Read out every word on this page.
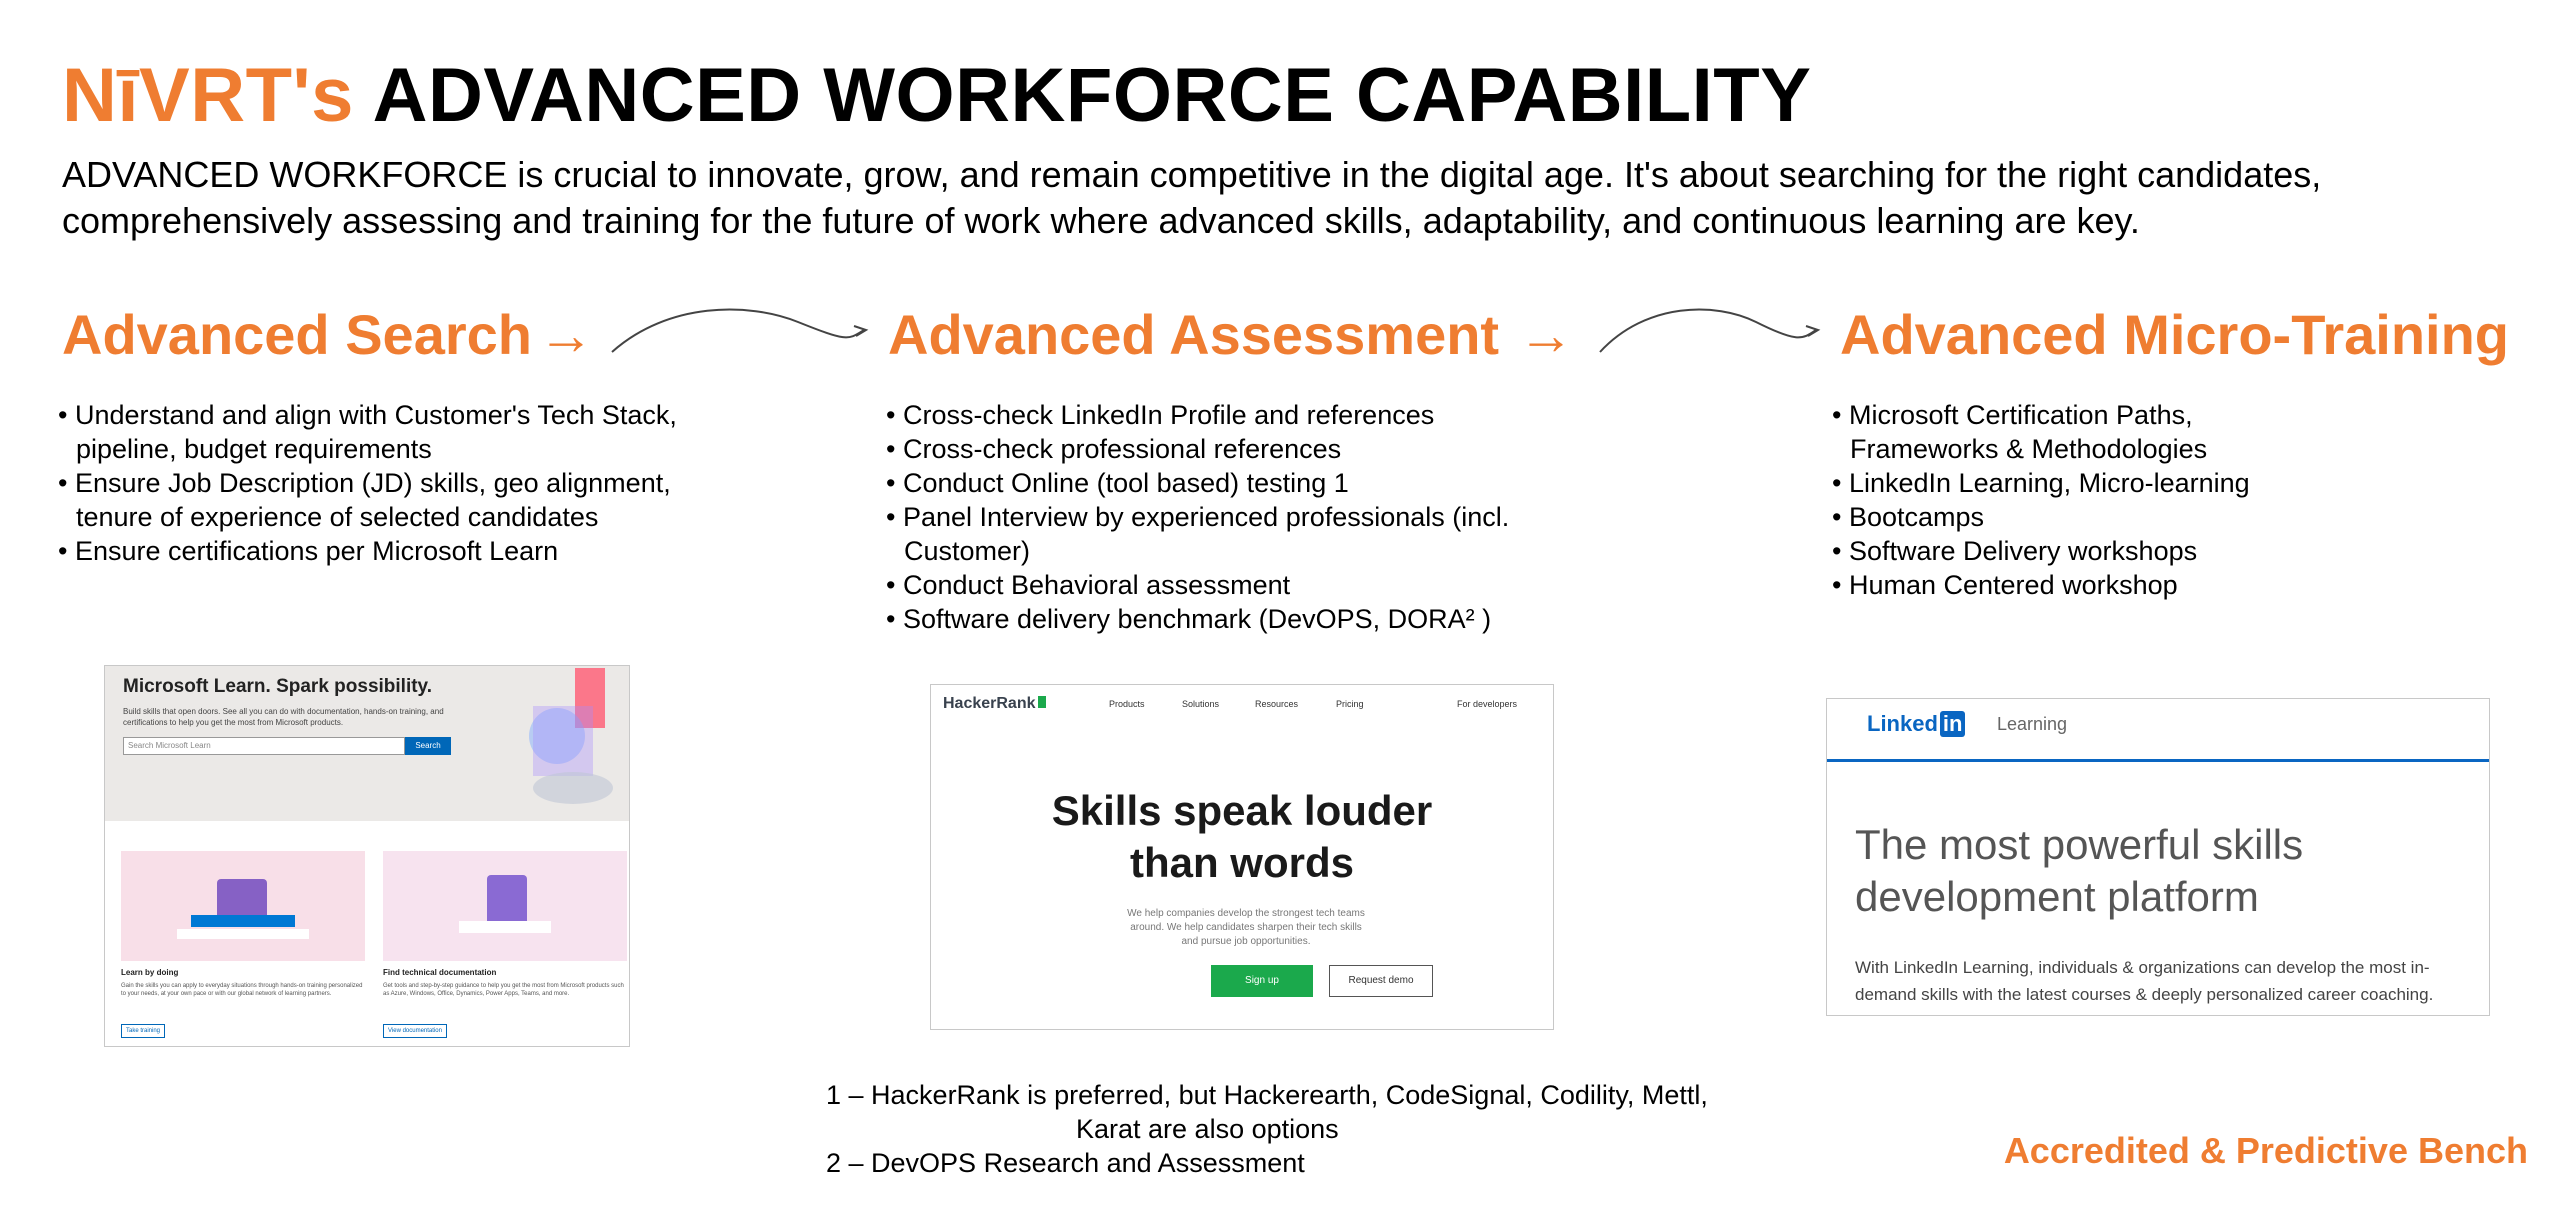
NīVRT's ADVANCED WORKFORCE CAPABILITY
ADVANCED WORKFORCE is crucial to innovate, grow, and remain competitive in the digital age. It's about searching for the right candidates, comprehensively assessing and training for the future of work where advanced skills, adaptability, and continuous learning are key.
Advanced Search →	Advanced Assessment →	Advanced Micro-Training
• Understand and align with Customer's Tech Stack, pipeline, budget requirements
• Ensure Job Description (JD) skills, geo alignment, tenure of experience of selected candidates
• Ensure certifications per Microsoft Learn
• Cross-check LinkedIn Profile and references
• Cross-check professional references
• Conduct Online (tool based) testing 1
• Panel Interview by experienced professionals (incl. Customer)
• Conduct Behavioral assessment
• Software delivery benchmark (DevOPS, DORA² )
• Microsoft Certification Paths, Frameworks & Methodologies
• LinkedIn Learning, Micro-learning
• Bootcamps
• Software Delivery workshops
• Human Centered workshop
Microsoft Learn. Spark possibility.
Build skills that open doors. See all you can do with documentation, hands-on training, and certifications to help you get the most from Microsoft products.
Search Microsoft Learn	Search
Learn by doing
Gain the skills you can apply to everyday situations through hands-on training personalized to your needs, at your own pace or with our global network of learning partners.
Take training
Find technical documentation
Get tools and step-by-step guidance to help you get the most from Microsoft products such as Azure, Windows, Office, Dynamics, Power Apps, Teams, and more.
View documentation
HackerRank	Products	Solutions	Resources	Pricing	For developers
Skills speak louder
than words
We help companies develop the strongest tech teams around. We help candidates sharpen their tech skills and pursue job opportunities.
Sign up	Request demo
Linked in Learning
The most powerful skills development platform
With LinkedIn Learning, individuals & organizations can develop the most in-demand skills with the latest courses & deeply personalized career coaching.
1 – HackerRank is preferred, but Hackerearth, CodeSignal, Codility, Mettl,
Karat are also options
2 – DevOPS Research and Assessment	Accredited & Predictive Bench
